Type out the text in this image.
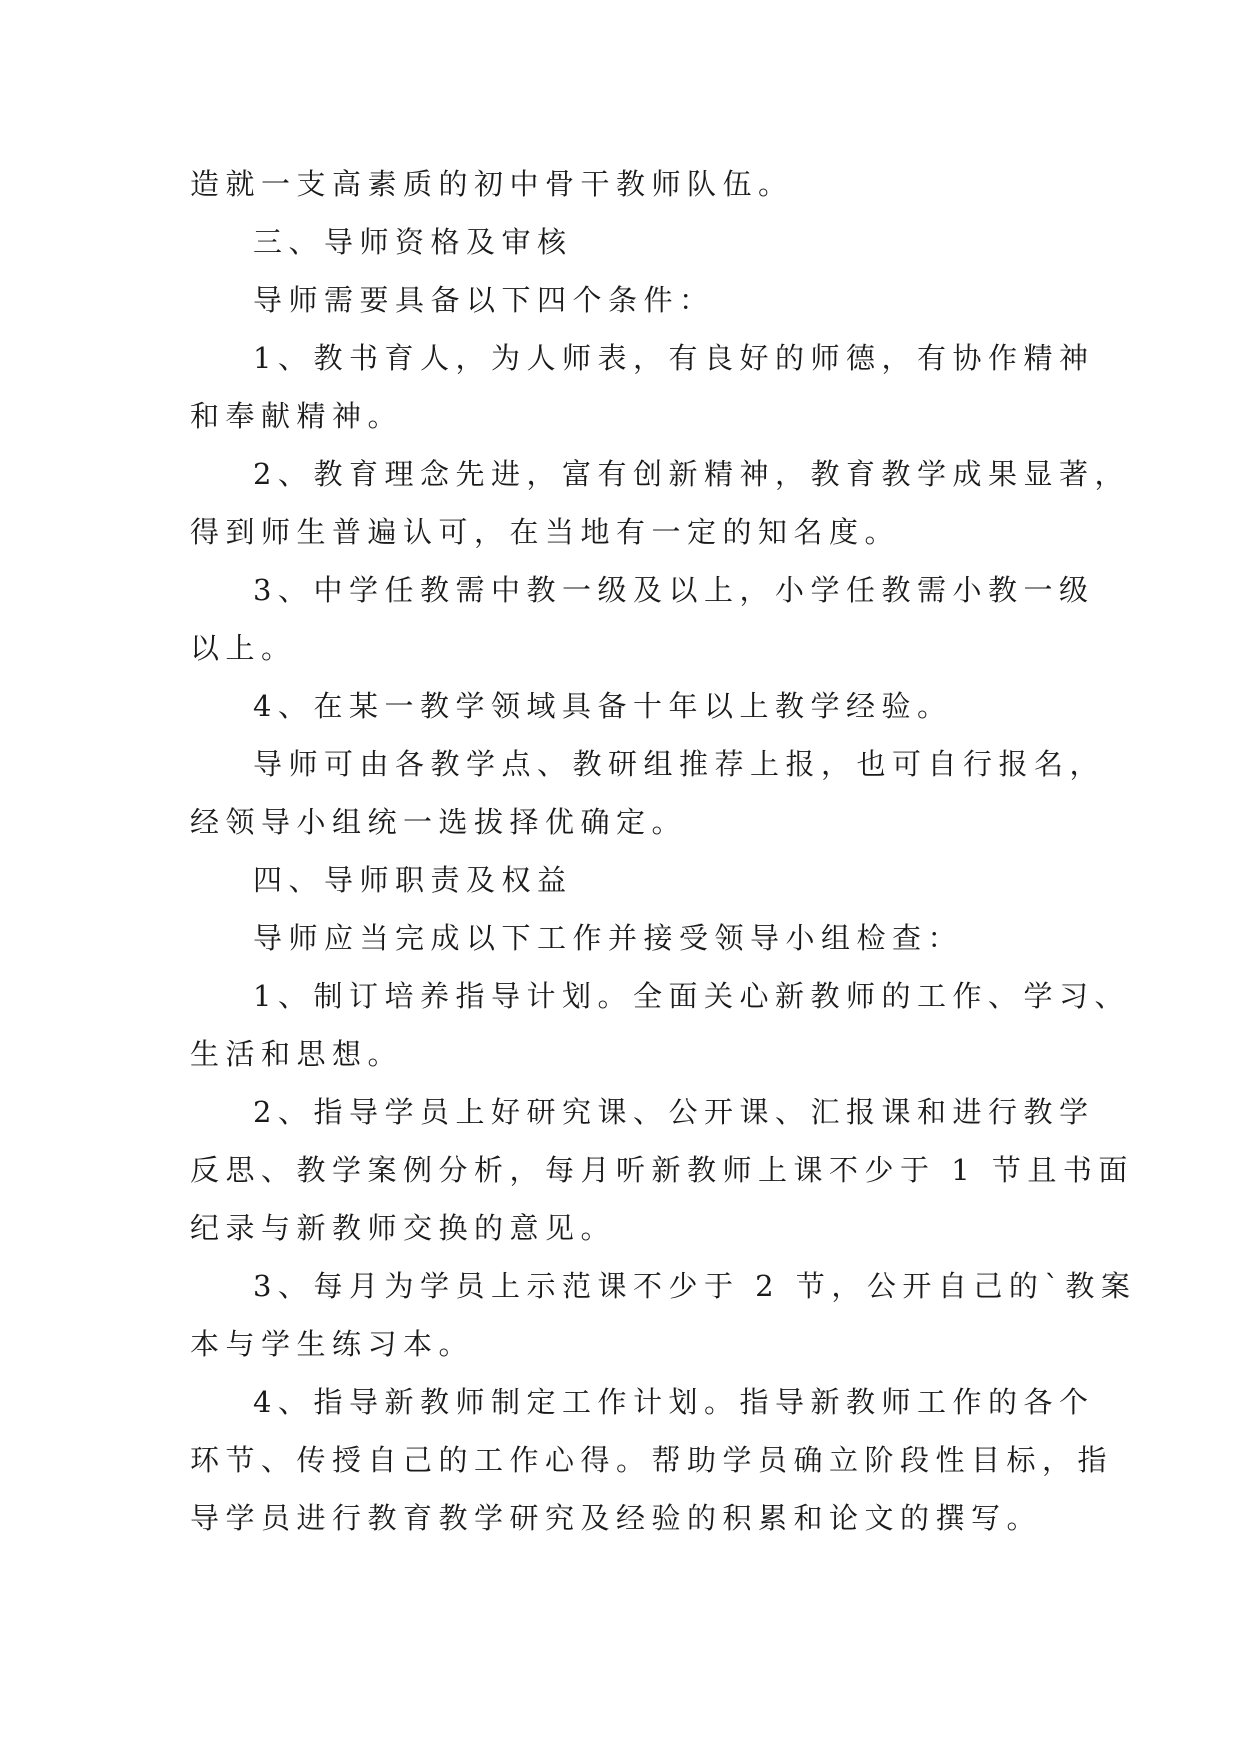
造就一支高素质的初中骨干教师队伍。

三、导师资格及审核

导师需要具备以下四个条件：

1、教书育人，为人师表，有良好的师德，有协作精神

和奉献精神。

2、教育理念先进，富有创新精神，教育教学成果显著，

得到师生普遍认可，在当地有一定的知名度。

3、中学任教需中教一级及以上，小学任教需小教一级

以上。

4、在某一教学领域具备十年以上教学经验。

导师可由各教学点、教研组推荐上报，也可自行报名，

经领导小组统一选拔择优确定。

四、导师职责及权益

导师应当完成以下工作并接受领导小组检查：

1、制订培养指导计划。全面关心新教师的工作、学习、

生活和思想。

2、指导学员上好研究课、公开课、汇报课和进行教学

反思、教学案例分析，每月听新教师上课不少于 1 节且书面

纪录与新教师交换的意见。

3、每月为学员上示范课不少于 2 节，公开自己的`教案

本与学生练习本。

4、指导新教师制定工作计划。指导新教师工作的各个

环节、传授自己的工作心得。帮助学员确立阶段性目标，指

导学员进行教育教学研究及经验的积累和论文的撰写。
